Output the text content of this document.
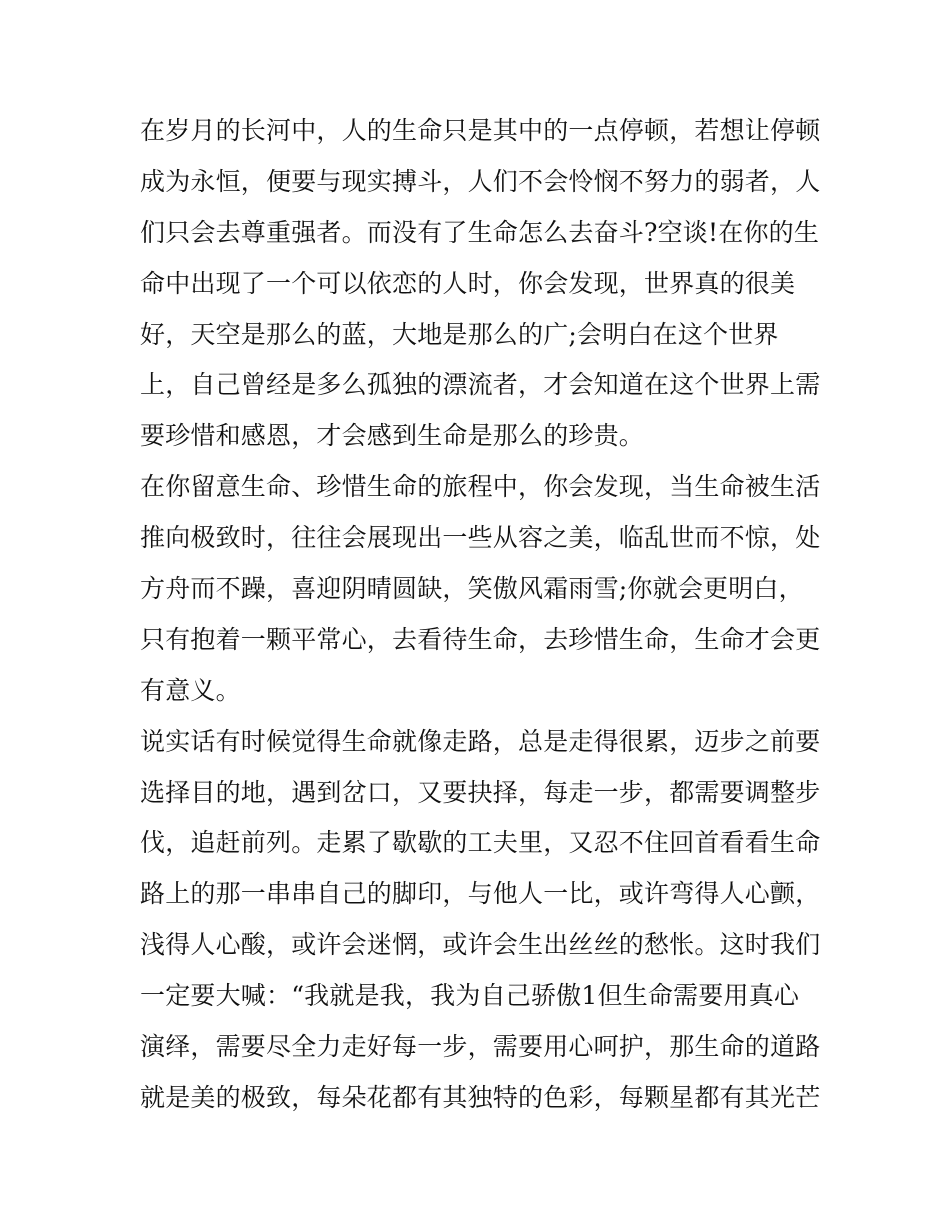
在岁月的长河中，人的生命只是其中的一点停顿，若想让停顿
成为永恒，便要与现实搏斗，人们不会怜悯不努力的弱者，人
们只会去尊重强者。而没有了生命怎么去奋斗?空谈!在你的生
命中出现了一个可以依恋的人时，你会发现，世界真的很美
好，天空是那么的蓝，大地是那么的广;会明白在这个世界
上，自己曾经是多么孤独的漂流者，才会知道在这个世界上需
要珍惜和感恩，才会感到生命是那么的珍贵。
在你留意生命、珍惜生命的旅程中，你会发现，当生命被生活
推向极致时，往往会展现出一些从容之美，临乱世而不惊，处
方舟而不躁，喜迎阴晴圆缺，笑傲风霜雨雪;你就会更明白，
只有抱着一颗平常心，去看待生命，去珍惜生命，生命才会更
有意义。
说实话有时候觉得生命就像走路，总是走得很累，迈步之前要
选择目的地，遇到岔口，又要抉择，每走一步，都需要调整步
伐，追赶前列。走累了歇歇的工夫里，又忍不住回首看看生命
路上的那一串串自己的脚印，与他人一比，或许弯得人心颤，
浅得人心酸，或许会迷惘，或许会生出丝丝的愁怅。这时我们
一定要大喊：“我就是我，我为自己骄傲1但生命需要用真心
演绎，需要尽全力走好每一步，需要用心呵护，那生命的道路
就是美的极致，每朵花都有其独特的色彩，每颗星都有其光芒
